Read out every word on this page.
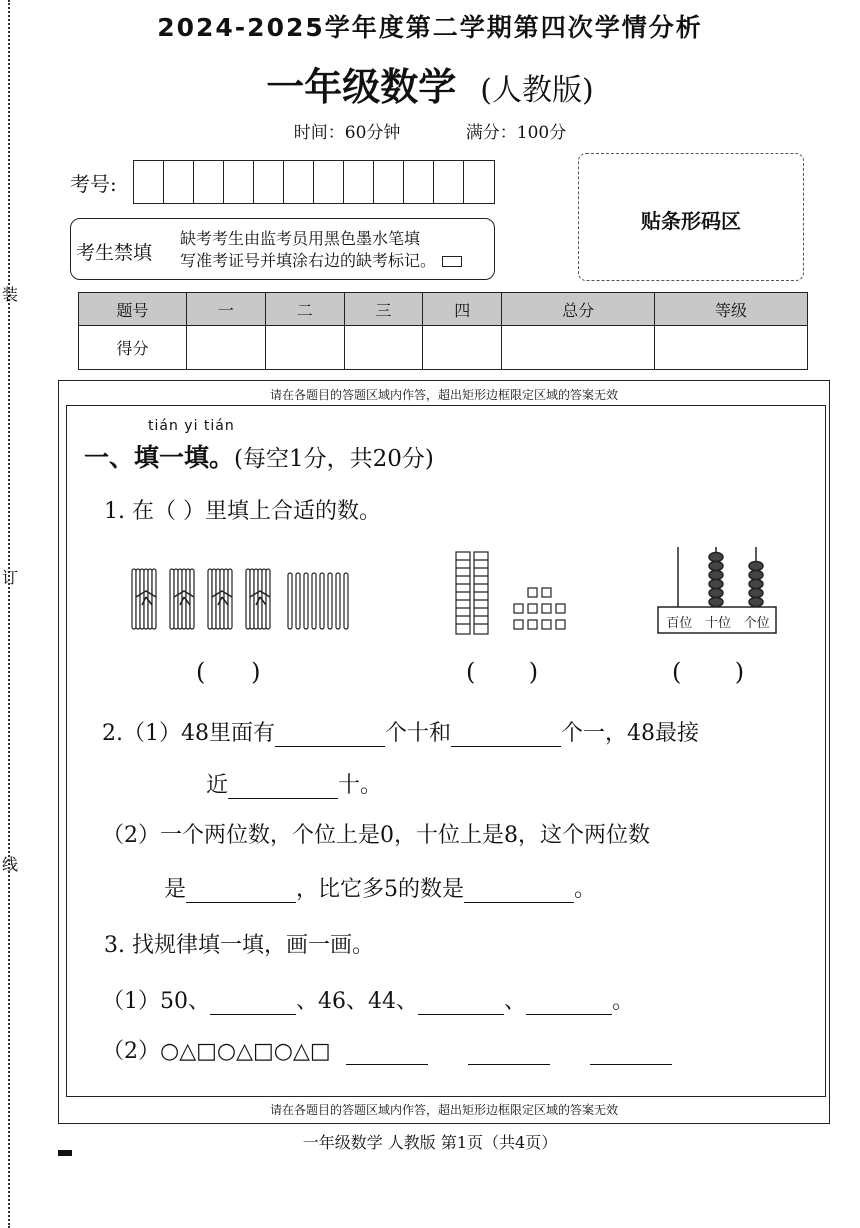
装
订
线
2024-2025学年度第二学期第四次学情分析
一年级数学 (人教版)
时间：60分钟	满分：100分
考号:
贴条形码区
考生禁填
缺考考生由监考员用黑色墨水笔填
写准考证号并填涂右边的缺考标记。
题号	一	二	三	四	总分	等级
得分						
请在各题目的答题区域内作答，超出矩形边框限定区域的答案无效
tián yi tián
一、填一填。(每空1分，共20分)
1. 在（ ）里填上合适的数。
百位 十位 个位
(      )	(       )	(       )
2.（1）48里面有	个十和	个一，48最接
近	十。
（2）一个两位数，个位上是0，十位上是8，这个两位数
是	，比它多5的数是	。
3. 找规律填一填，画一画。
（1）50、	、46、44、	、	。
（2）○△□○△□○△□
请在各题目的答题区域内作答，超出矩形边框限定区域的答案无效
一年级数学 人教版 第1页（共4页）
